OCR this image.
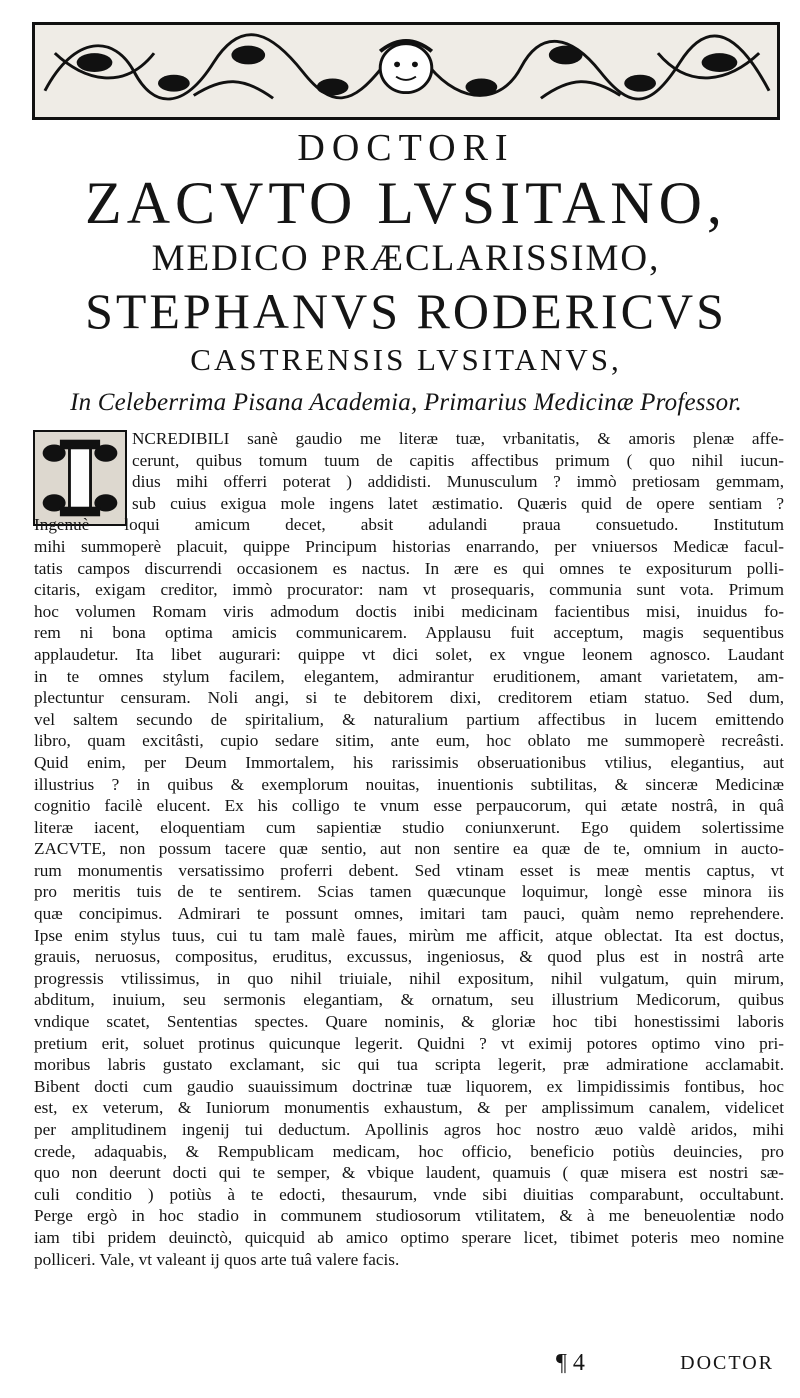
DOCTORI
ZACVTO LVSITANO,
MEDICO PRÆCLARISSIMO,
STEPHANVS RODERICVS
CASTRENSIS LVSITANVS,
In Celeberrima Pisana Academia, Primarius Medicinæ Professor.
NCREDIBILI sanè gaudio me literæ tuæ, vrbanitatis, & amoris plenæ affe-
cerunt, quibus tomum tuum de capitis affectibus primum ( quo nihil iucun-
dius mihi offerri poterat ) addidisti. Munusculum ? immò pretiosam gemmam,
sub cuius exigua mole ingens latet æstimatio. Quæris quid de opere sentiam ?
Ingenuè loqui amicum decet, absit adulandi praua consuetudo. Institutum
mihi summoperè placuit, quippe Principum historias enarrando, per vniuersos Medicæ facul-
tatis campos discurrendi occasionem es nactus. In ære es qui omnes te expositurum polli-
citaris, exigam creditor, immò procurator: nam vt prosequaris, communia sunt vota. Primum
hoc volumen Romam viris admodum doctis inibi medicinam facientibus misi, inuidus fo-
rem ni bona optima amicis communicarem. Applausu fuit acceptum, magis sequentibus
applaudetur. Ita libet augurari: quippe vt dici solet, ex vngue leonem agnosco. Laudant
in te omnes stylum facilem, elegantem, admirantur eruditionem, amant varietatem, am-
plectuntur censuram. Noli angi, si te debitorem dixi, creditorem etiam statuo. Sed dum,
vel saltem secundo de spiritalium, & naturalium partium affectibus in lucem emittendo
libro, quam excitâsti, cupio sedare sitim, ante eum, hoc oblato me summoperè recreâsti.
Quid enim, per Deum Immortalem, his rarissimis obseruationibus vtilius, elegantius, aut
illustrius ? in quibus & exemplorum nouitas, inuentionis subtilitas, & sinceræ Medicinæ
cognitio facilè elucent. Ex his colligo te vnum esse perpaucorum, qui ætate nostrâ, in quâ
literæ iacent, eloquentiam cum sapientiæ studio coniunxerunt. Ego quidem solertissime
ZACVTE, non possum tacere quæ sentio, aut non sentire ea quæ de te, omnium in aucto-
rum monumentis versatissimo proferri debent. Sed vtinam esset is meæ mentis captus, vt
pro meritis tuis de te sentirem. Scias tamen quæcunque loquimur, longè esse minora iis
quæ concipimus. Admirari te possunt omnes, imitari tam pauci, quàm nemo reprehendere.
Ipse enim stylus tuus, cui tu tam malè faues, mirùm me afficit, atque oblectat. Ita est doctus,
grauis, neruosus, compositus, eruditus, excussus, ingeniosus, & quod plus est in nostrâ arte
progressis vtilissimus, in quo nihil triuiale, nihil expositum, nihil vulgatum, quin mirum,
abditum, inuium, seu sermonis elegantiam, & ornatum, seu illustrium Medicorum, quibus
vndique scatet, Sententias spectes. Quare nominis, & gloriæ hoc tibi honestissimi laboris
pretium erit, soluet protinus quicunque legerit. Quidni ? vt eximij potores optimo vino pri-
moribus labris gustato exclamant, sic qui tua scripta legerit, præ admiratione acclamabit.
Bibent docti cum gaudio suauissimum doctrinæ tuæ liquorem, ex limpidissimis fontibus, hoc
est, ex veterum, & Iuniorum monumentis exhaustum, & per amplissimum canalem, videlicet
per amplitudinem ingenij tui deductum. Apollinis agros hoc nostro æuo valdè aridos, mihi
crede, adaquabis, & Rempublicam medicam, hoc officio, beneficio potiùs deuincies, pro
quo non deerunt docti qui te semper, & vbique laudent, quamuis ( quæ misera est nostri sæ-
culi conditio ) potiùs à te edocti, thesaurum, vnde sibi diuitias comparabunt, occultabunt.
Perge ergò in hoc stadio in communem studiosorum vtilitatem, & à me beneuolentiæ nodo
iam tibi pridem deuinctò, quicquid ab amico optimo sperare licet, tibimet poteris meo nomine
polliceri. Vale, vt valeant ij quos arte tuâ valere facis.
¶ 4	DOCTOR
